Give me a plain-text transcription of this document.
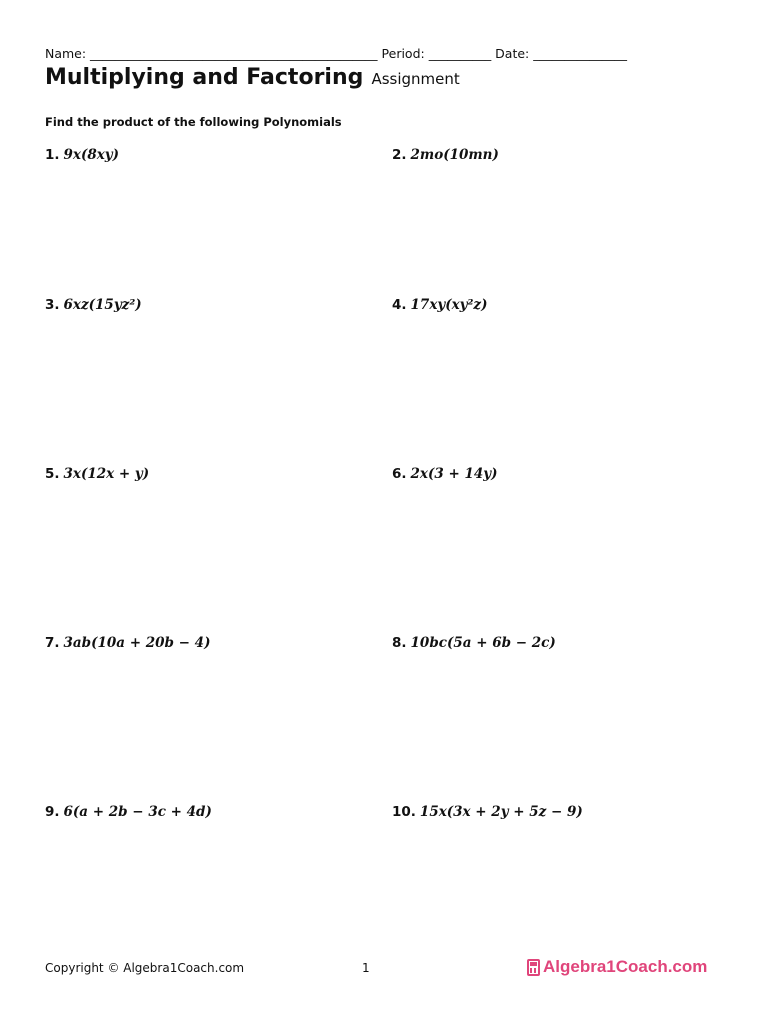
Name: ______________________________________________ Period: __________ Date: _______________
Multiplying and Factoring Assignment
Find the product of the following Polynomials
1. 9x(8xy)	2. 2mo(10mn)
3. 6xz(15yz²)	4. 17xy(xy²z)
5. 3x(12x + y)	6. 2x(3 + 14y)
7. 3ab(10a + 20b − 4)	8. 10bc(5a + 6b − 2c)
9. 6(a + 2b − 3c + 4d)	10. 15x(3x + 2y + 5z − 9)
Copyright © Algebra1Coach.com	1	Algebra1Coach.com
